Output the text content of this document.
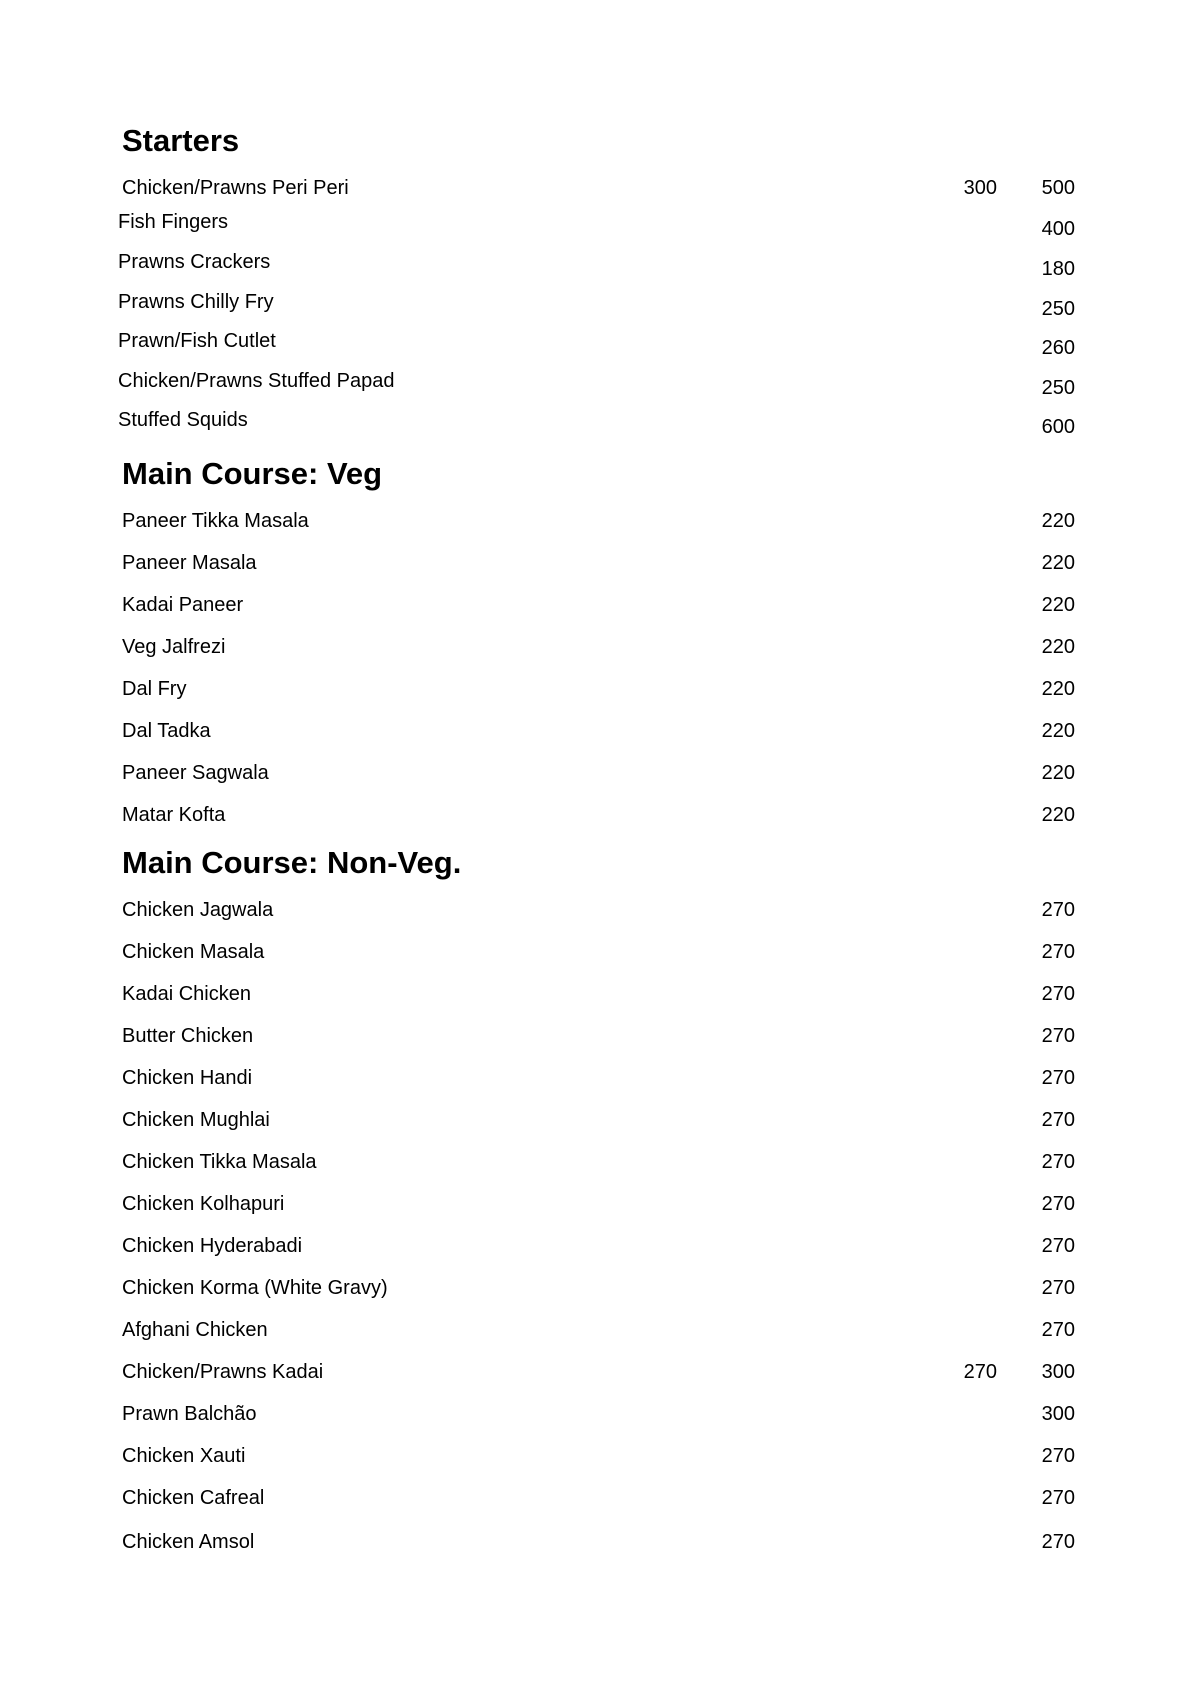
Starters
Chicken/Prawns Peri Peri	300	500
Fish Fingers	400
Prawns Crackers	180
Prawns Chilly Fry	250
Prawn/Fish Cutlet	260
Chicken/Prawns Stuffed Papad	250
Stuffed Squids	600
Main Course: Veg
Paneer Tikka Masala	220
Paneer Masala	220
Kadai Paneer	220
Veg Jalfrezi	220
Dal Fry	220
Dal Tadka	220
Paneer Sagwala	220
Matar Kofta	220
Main Course: Non-Veg.
Chicken Jagwala	270
Chicken Masala	270
Kadai Chicken	270
Butter Chicken	270
Chicken Handi	270
Chicken Mughlai	270
Chicken Tikka Masala	270
Chicken Kolhapuri	270
Chicken Hyderabadi	270
Chicken Korma (White Gravy)	270
Afghani Chicken	270
Chicken/Prawns Kadai	270	300
Prawn Balchão	300
Chicken Xauti	270
Chicken Cafreal	270
Chicken Amsol	270
